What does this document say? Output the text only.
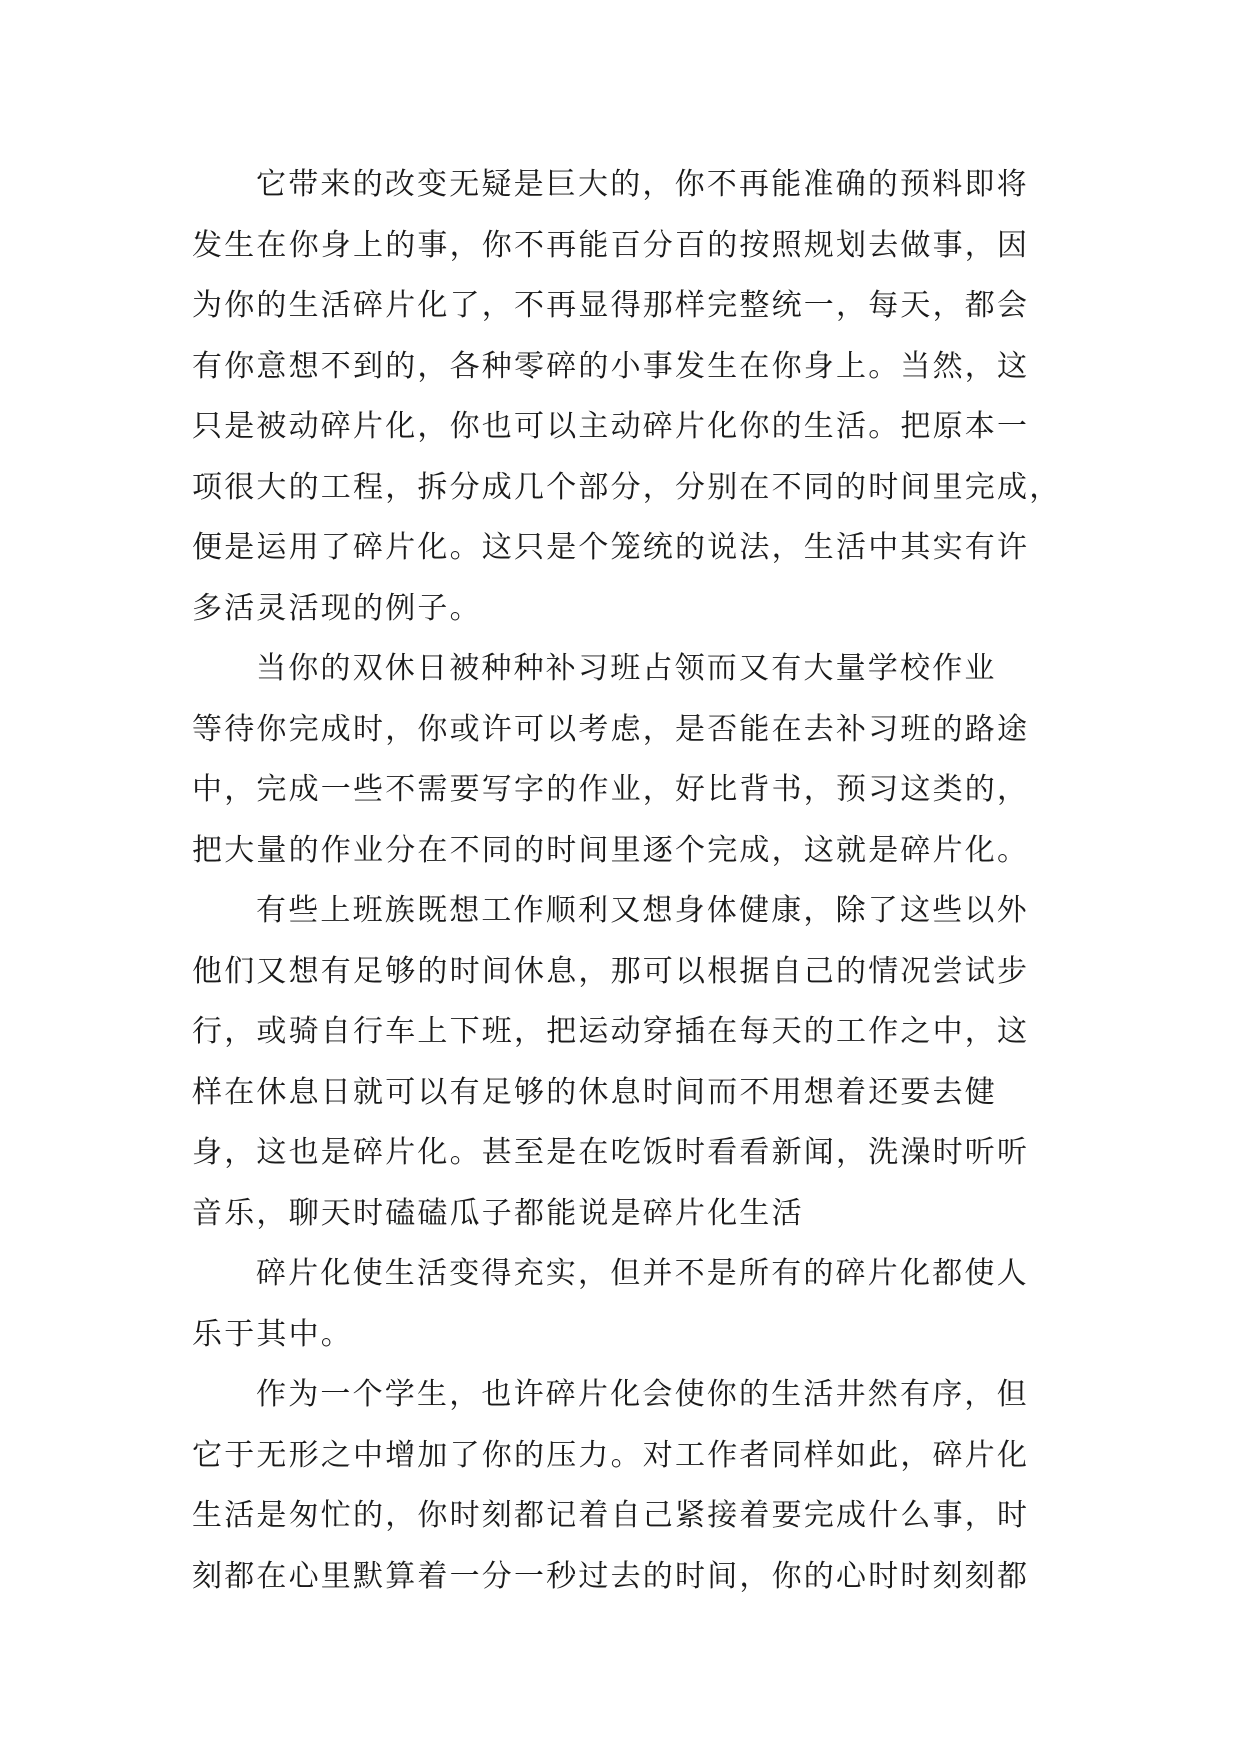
它带来的改变无疑是巨大的，你不再能准确的预料即将
发生在你身上的事，你不再能百分百的按照规划去做事，因
为你的生活碎片化了，不再显得那样完整统一，每天，都会
有你意想不到的，各种零碎的小事发生在你身上。当然，这
只是被动碎片化，你也可以主动碎片化你的生活。把原本一
项很大的工程，拆分成几个部分，分别在不同的时间里完成，
便是运用了碎片化。这只是个笼统的说法，生活中其实有许
多活灵活现的例子。
当你的双休日被种种补习班占领而又有大量学校作业
等待你完成时，你或许可以考虑，是否能在去补习班的路途
中，完成一些不需要写字的作业，好比背书，预习这类的，
把大量的作业分在不同的时间里逐个完成，这就是碎片化。
有些上班族既想工作顺利又想身体健康，除了这些以外
他们又想有足够的时间休息，那可以根据自己的情况尝试步
行，或骑自行车上下班，把运动穿插在每天的工作之中，这
样在休息日就可以有足够的休息时间而不用想着还要去健
身，这也是碎片化。甚至是在吃饭时看看新闻，洗澡时听听
音乐，聊天时磕磕瓜子都能说是碎片化生活
碎片化使生活变得充实，但并不是所有的碎片化都使人
乐于其中。
作为一个学生，也许碎片化会使你的生活井然有序，但
它于无形之中增加了你的压力。对工作者同样如此，碎片化
生活是匆忙的，你时刻都记着自己紧接着要完成什么事，时
刻都在心里默算着一分一秒过去的时间，你的心时时刻刻都
